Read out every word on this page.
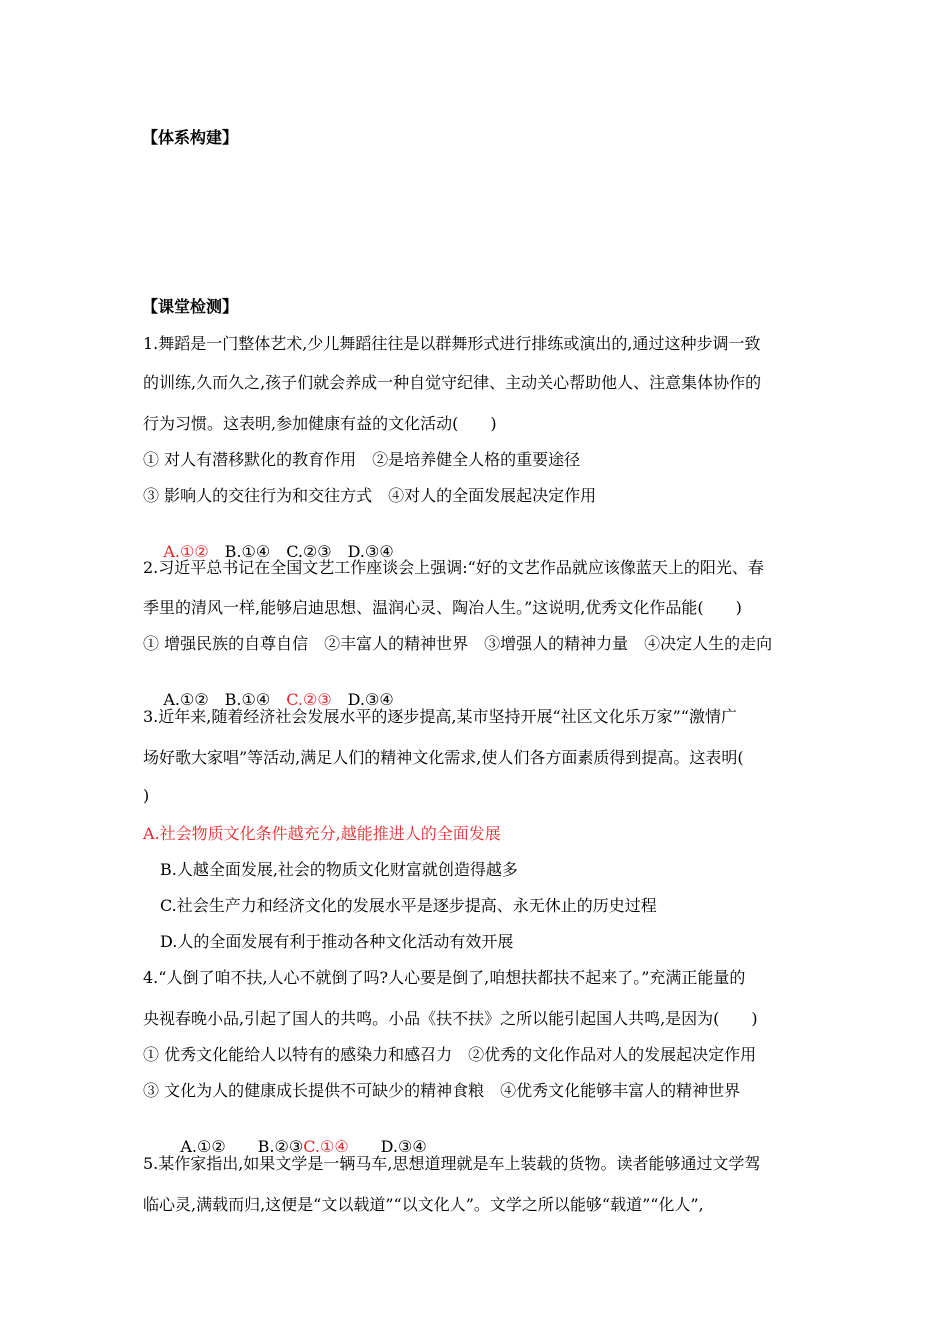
【体系构建】
【课堂检测】
1.舞蹈是一门整体艺术,少儿舞蹈往往是以群舞形式进行排练或演出的,通过这种步调一致
的训练,久而久之,孩子们就会养成一种自觉守纪律、主动关心帮助他人、注意集体协作的
行为习惯。这表明,参加健康有益的文化活动(　　)
① 对人有潜移默化的教育作用　②是培养健全人格的重要途径
③ 影响人的交往行为和交往方式　④对人的全面发展起决定作用

A.①②　B.①④　C.②③　D.③④

2.习近平总书记在全国文艺工作座谈会上强调:“好的文艺作品就应该像蓝天上的阳光、春
季里的清风一样,能够启迪思想、温润心灵、陶冶人生。”这说明,优秀文化作品能(　　)
① 增强民族的自尊自信　②丰富人的精神世界　③增强人的精神力量　④决定人生的走向

A.①②　B.①④　C.②③　D.③④

3.近年来,随着经济社会发展水平的逐步提高,某市坚持开展“社区文化乐万家”“激情广
场好歌大家唱”等活动,满足人们的精神文化需求,使人们各方面素质得到提高。这表明(
)
A.社会物质文化条件越充分,越能推进人的全面发展
B.人越全面发展,社会的物质文化财富就创造得越多
C.社会生产力和经济文化的发展水平是逐步提高、永无休止的历史过程
D.人的全面发展有利于推动各种文化活动有效开展
4.“人倒了咱不扶,人心不就倒了吗?人心要是倒了,咱想扶都扶不起来了。”充满正能量的
央视春晚小品,引起了国人的共鸣。小品《扶不扶》之所以能引起国人共鸣,是因为(　　)
① 优秀文化能给人以特有的感染力和感召力　②优秀的文化作品对人的发展起决定作用
③ 文化为人的健康成长提供不可缺少的精神食粮　④优秀文化能够丰富人的精神世界

A.①②　　B.②③C.①④　　D.③④

5.某作家指出,如果文学是一辆马车,思想道理就是车上装载的货物。读者能够通过文学驾
临心灵,满载而归,这便是“文以载道”“以文化人”。文学之所以能够“载道”“化人”,
